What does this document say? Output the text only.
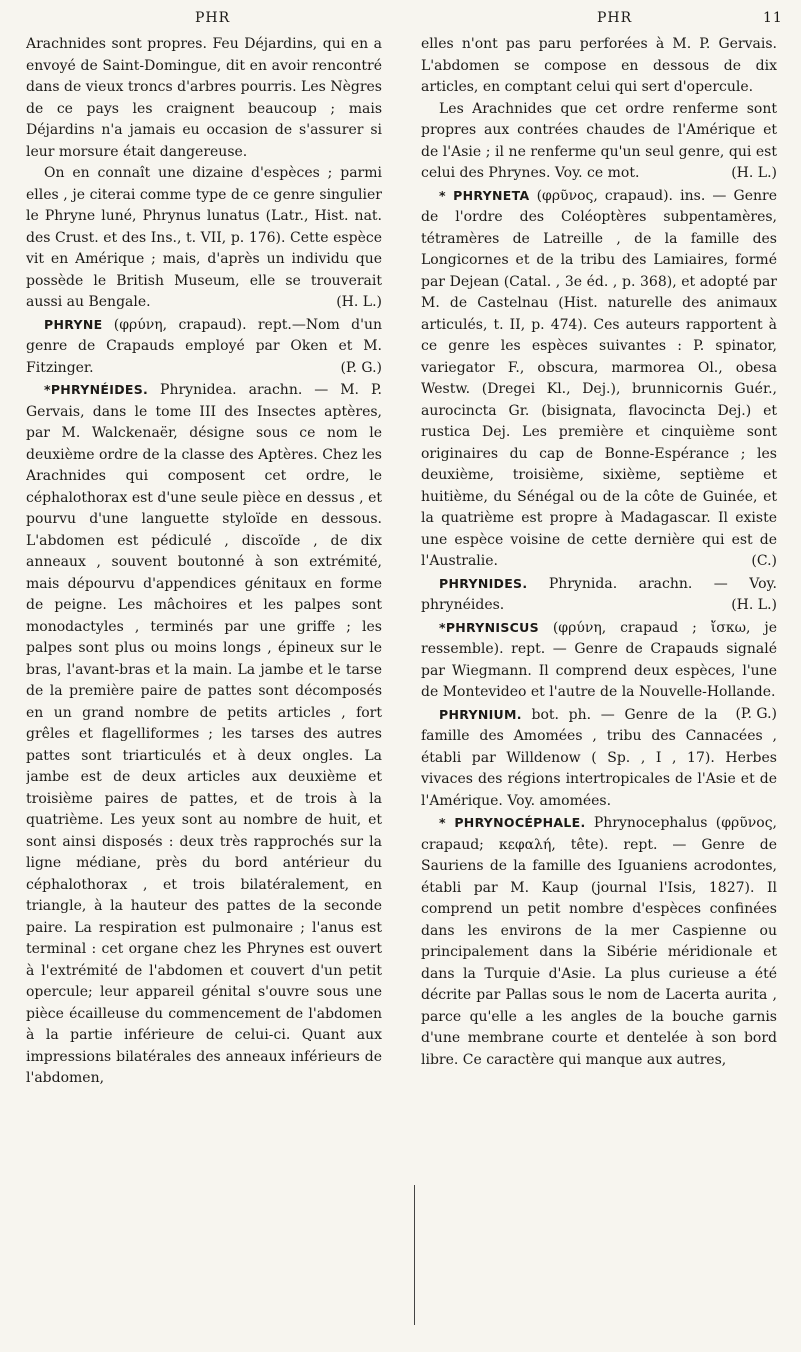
PHR	PHR	11

Arachnides sont propres. Feu Déjardins, qui en a envoyé de Saint-Domingue, dit en avoir rencontré dans de vieux troncs d'arbres pourris. Les Nègres de ce pays les craignent beaucoup ; mais Déjardins n'a jamais eu occasion de s'assurer si leur morsure était dangereuse.

On en connaît une dizaine d'espèces ; parmi elles , je citerai comme type de ce genre singulier le Phryne luné, Phrynus lunatus (Latr., Hist. nat. des Crust. et des Ins., t. VII, p. 176). Cette espèce vit en Amérique ; mais, d'après un individu que possède le British Museum, elle se trouverait aussi au Bengale.	(H. L.)

PHRYNE (φρύνη, crapaud). rept.—Nom d'un genre de Crapauds employé par Oken et M. Fitzinger.	(P. G.)

*PHRYNÉIDES. Phrynidea. arachn. — M. P. Gervais, dans le tome III des Insectes aptères, par M. Walckenaër, désigne sous ce nom le deuxième ordre de la classe des Aptères. Chez les Arachnides qui composent cet ordre, le céphalothorax est d'une seule pièce en dessus , et pourvu d'une languette styloïde en dessous. L'abdomen est pédiculé , discoïde , de dix anneaux , souvent boutonné à son extrémité, mais dépourvu d'appendices génitaux en forme de peigne. Les mâchoires et les palpes sont monodactyles , terminés par une griffe ; les palpes sont plus ou moins longs , épineux sur le bras, l'avant-bras et la main. La jambe et le tarse de la première paire de pattes sont décomposés en un grand nombre de petits articles , fort grêles et flagelliformes ; les tarses des autres pattes sont triarticulés et à deux ongles. La jambe est de deux articles aux deuxième et troisième paires de pattes, et de trois à la quatrième. Les yeux sont au nombre de huit, et sont ainsi disposés : deux très rapprochés sur la ligne médiane, près du bord antérieur du céphalothorax , et trois bilatéralement, en triangle, à la hauteur des pattes de la seconde paire. La respiration est pulmonaire ; l'anus est terminal : cet organe chez les Phrynes est ouvert à l'extrémité de l'abdomen et couvert d'un petit opercule; leur appareil génital s'ouvre sous une pièce écailleuse du commencement de l'abdomen à la partie inférieure de celui-ci. Quant aux impressions bilatérales des anneaux inférieurs de l'abdomen,

elles n'ont pas paru perforées à M. P. Gervais. L'abdomen se compose en dessous de dix articles, en comptant celui qui sert d'opercule.

Les Arachnides que cet ordre renferme sont propres aux contrées chaudes de l'Amérique et de l'Asie ; il ne renferme qu'un seul genre, qui est celui des Phrynes. Voy. ce mot.	(H. L.)

* PHRYNETA (φρῦνος, crapaud). ins. — Genre de l'ordre des Coléoptères subpentamères, tétramères de Latreille , de la famille des Longicornes et de la tribu des Lamiaires, formé par Dejean (Catal. , 3e éd. , p. 368), et adopté par M. de Castelnau (Hist. naturelle des animaux articulés, t. II, p. 474). Ces auteurs rapportent à ce genre les espèces suivantes : P. spinator, variegator F., obscura, marmorea Ol., obesa Westw. (Dregei Kl., Dej.), brunnicornis Guér., aurocincta Gr. (bisignata, flavocincta Dej.) et rustica Dej. Les première et cinquième sont originaires du cap de Bonne-Espérance ; les deuxième, troisième, sixième, septième et huitième, du Sénégal ou de la côte de Guinée, et la quatrième est propre à Madagascar. Il existe une espèce voisine de cette dernière qui est de l'Australie.	(C.)

PHRYNIDES. Phrynida. arachn. — Voy. phrynéides.	(H. L.)

*PHRYNISCUS (φρύνη, crapaud ; ἴσκω, je ressemble). rept. — Genre de Crapauds signalé par Wiegmann. Il comprend deux espèces, l'une de Montevideo et l'autre de la Nouvelle-Hollande.
(P. G.)

PHRYNIUM. bot. ph. — Genre de la famille des Amomées , tribu des Cannacées , établi par Willdenow ( Sp. , I , 17). Herbes vivaces des régions intertropicales de l'Asie et de l'Amérique. Voy. amomées.

* PHRYNOCÉPHALE. Phrynocephalus (φρῦνος, crapaud; κεφαλή, tête). rept. — Genre de Sauriens de la famille des Iguaniens acrodontes, établi par M. Kaup (journal l'Isis, 1827). Il comprend un petit nombre d'espèces confinées dans les environs de la mer Caspienne ou principalement dans la Sibérie méridionale et dans la Turquie d'Asie. La plus curieuse a été décrite par Pallas sous le nom de Lacerta aurita , parce qu'elle a les angles de la bouche garnis d'une membrane courte et dentelée à son bord libre. Ce caractère qui manque aux autres,
